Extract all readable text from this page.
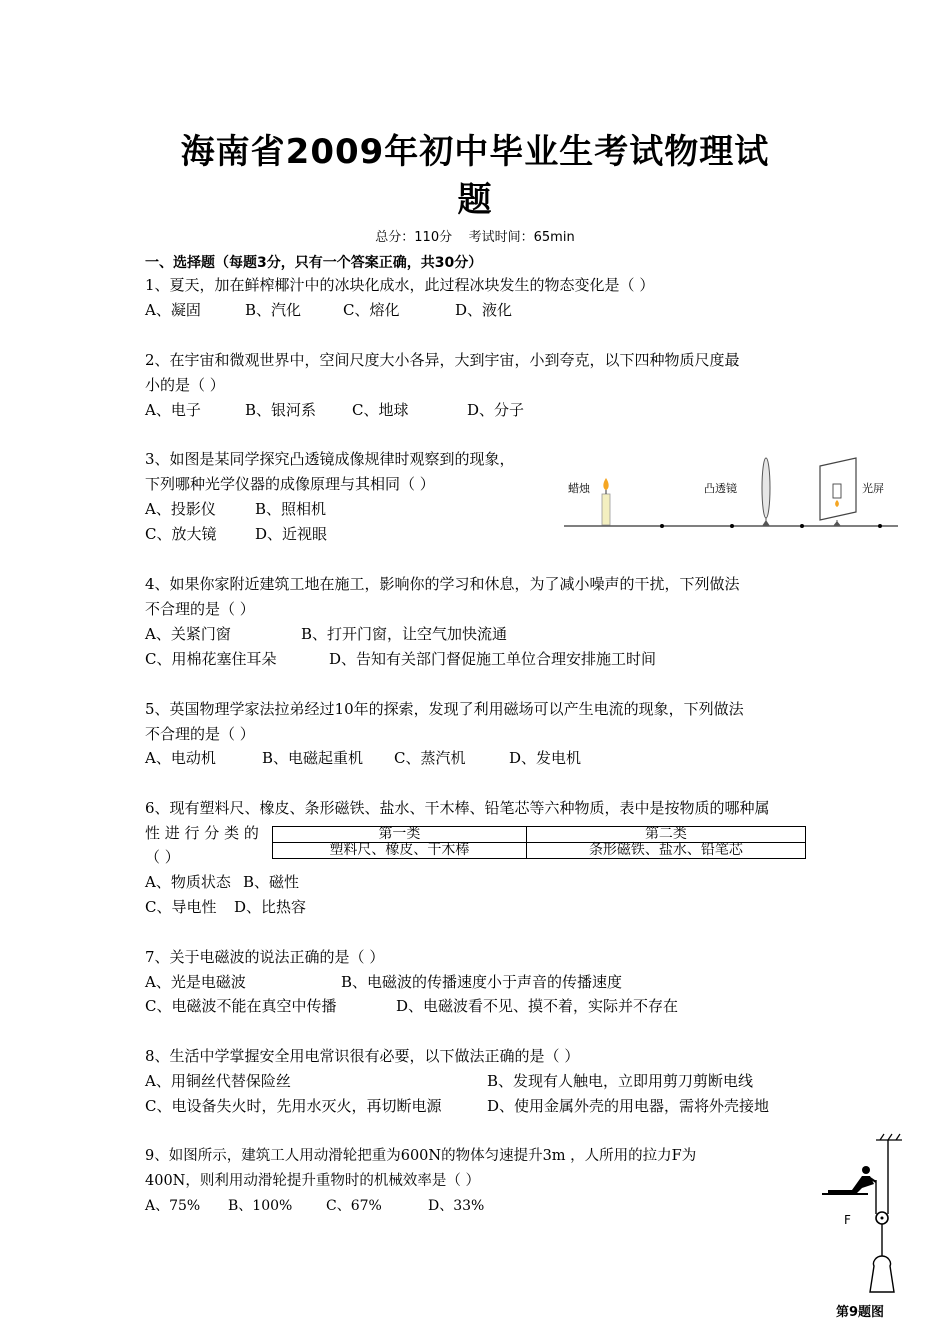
海南省2009年初中毕业生考试物理试
题
总分：110分 考试时间：65min
一、选择题（每题3分，只有一个答案正确，共30分）
1、夏天，加在鲜榨椰汁中的冰块化成水，此过程冰块发生的物态变化是（ ）
A、凝固	B、汽化	C、熔化	D、液化
2、在宇宙和微观世界中，空间尺度大小各异，大到宇宙，小到夸克，以下四种物质尺度最
小的是（ ）
A、电子	B、银河系 C、地球	D、分子
3、如图是某同学探究凸透镜成像规律时观察到的现象，
下列哪种光学仪器的成像原理与其相同（ ）
A、投影仪	B、照相机
C、放大镜	D、近视眼
蜡烛	凸透镜	光屏
4、如果你家附近建筑工地在施工，影响你的学习和休息，为了减小噪声的干扰，下列做法
不合理的是（ ）
A、关紧门窗	B、打开门窗，让空气加快流通
C、用棉花塞住耳朵	D、告知有关部门督促施工单位合理安排施工时间
5、英国物理学家法拉弟经过10年的探索，发现了利用磁场可以产生电流的现象，下列做法
不合理的是（ ）
A、电动机	B、电磁起重机 C、蒸汽机	D、发电机
6、现有塑料尺、橡皮、条形磁铁、盐水、干木棒、铅笔芯等六种物质，表中是按物质的哪种属
性 进 行 分 类 的
（ ）
第一类	第二类
塑料尺、橡皮、干木棒	条形磁铁、盐水、铅笔芯
A、物质状态 B、磁性
C、导电性 D、比热容
7、关于电磁波的说法正确的是（ ）
A、光是电磁波	B、电磁波的传播速度小于声音的传播速度
C、电磁波不能在真空中传播	D、电磁波看不见、摸不着，实际并不存在
8、生活中学掌握安全用电常识很有必要，以下做法正确的是（ ）
A、用铜丝代替保险丝	B、发现有人触电，立即用剪刀剪断电线
C、电设备失火时，先用水灭火，再切断电源	D、使用金属外壳的用电器，需将外壳接地
9、如图所示，建筑工人用动滑轮把重为600N的物体匀速提升3m ，人所用的拉力F为
400N，则利用动滑轮提升重物时的机械效率是（ ）
A、75% B、100% C、67%	D、33%
F
第9题图
